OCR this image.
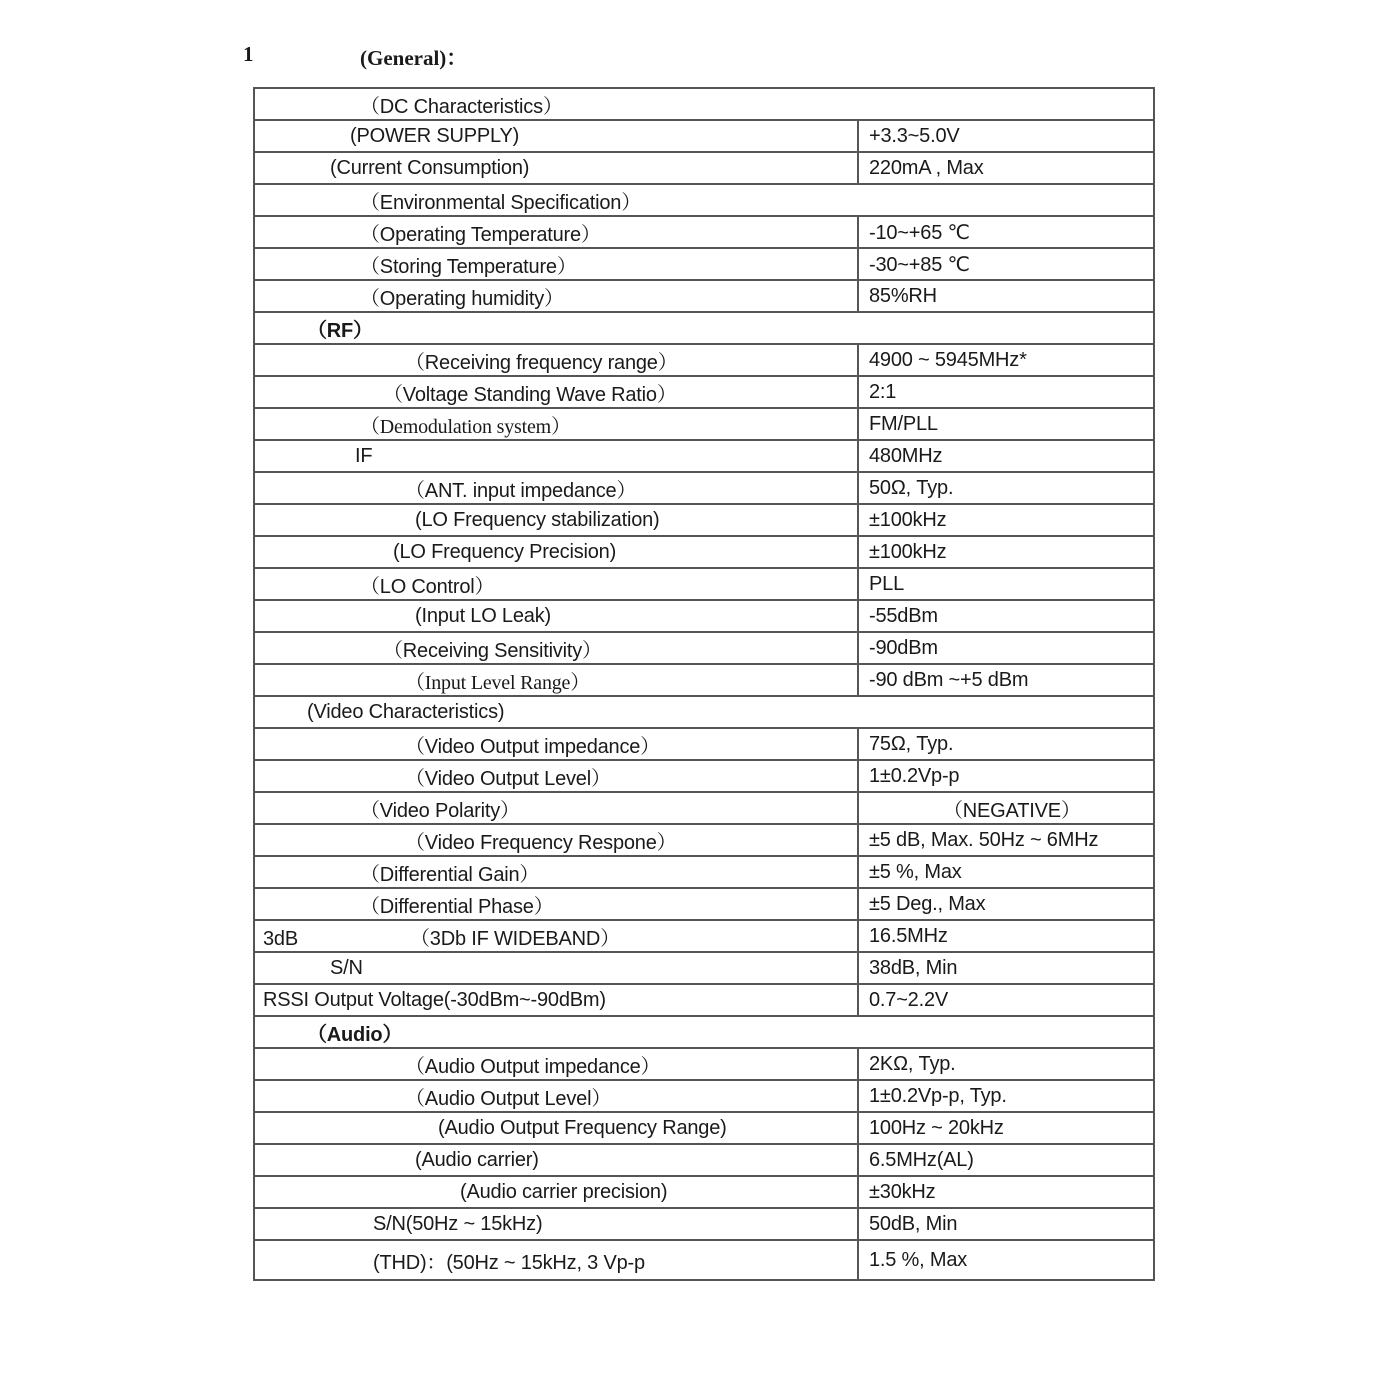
1	(General)：
（DC Characteristics）	
(POWER SUPPLY)	+3.3~5.0V
(Current Consumption)	220mA , Max
（Environmental Specification）	
（Operating Temperature）	-10~+65 ℃
（Storing Temperature）	-30~+85 ℃
（Operating humidity）	85%RH
（RF）	
（Receiving frequency range）	4900 ~ 5945MHz*
（Voltage Standing Wave Ratio）	2:1
（Demodulation system）	FM/PLL
IF	480MHz
（ANT. input impedance）	50Ω, Typ.
(LO Frequency stabilization)	±100kHz
(LO Frequency Precision)	±100kHz
（LO Control）	PLL
(Input LO Leak)	-55dBm
（Receiving Sensitivity）	-90dBm
（Input Level Range）	-90 dBm ~+5 dBm
(Video Characteristics)	
（Video Output impedance）	75Ω, Typ.
（Video Output Level）	1±0.2Vp-p
（Video Polarity）	（NEGATIVE）
（Video Frequency Respone）	±5 dB, Max. 50Hz ~ 6MHz
（Differential Gain）	±5 %, Max
（Differential Phase）	±5 Deg., Max
3dB （3Db IF WIDEBAND）	16.5MHz
S/N	38dB, Min
RSSI Output Voltage(-30dBm~-90dBm)	0.7~2.2V
（Audio）	
（Audio Output impedance）	2KΩ, Typ.
（Audio Output Level）	1±0.2Vp-p, Typ.
(Audio Output Frequency Range)	100Hz ~ 20kHz
(Audio carrier)	6.5MHz(AL)
(Audio carrier precision)	±30kHz
S/N(50Hz ~ 15kHz)	50dB, Min
(THD)：(50Hz ~ 15kHz, 3 Vp-p	1.5 %, Max
